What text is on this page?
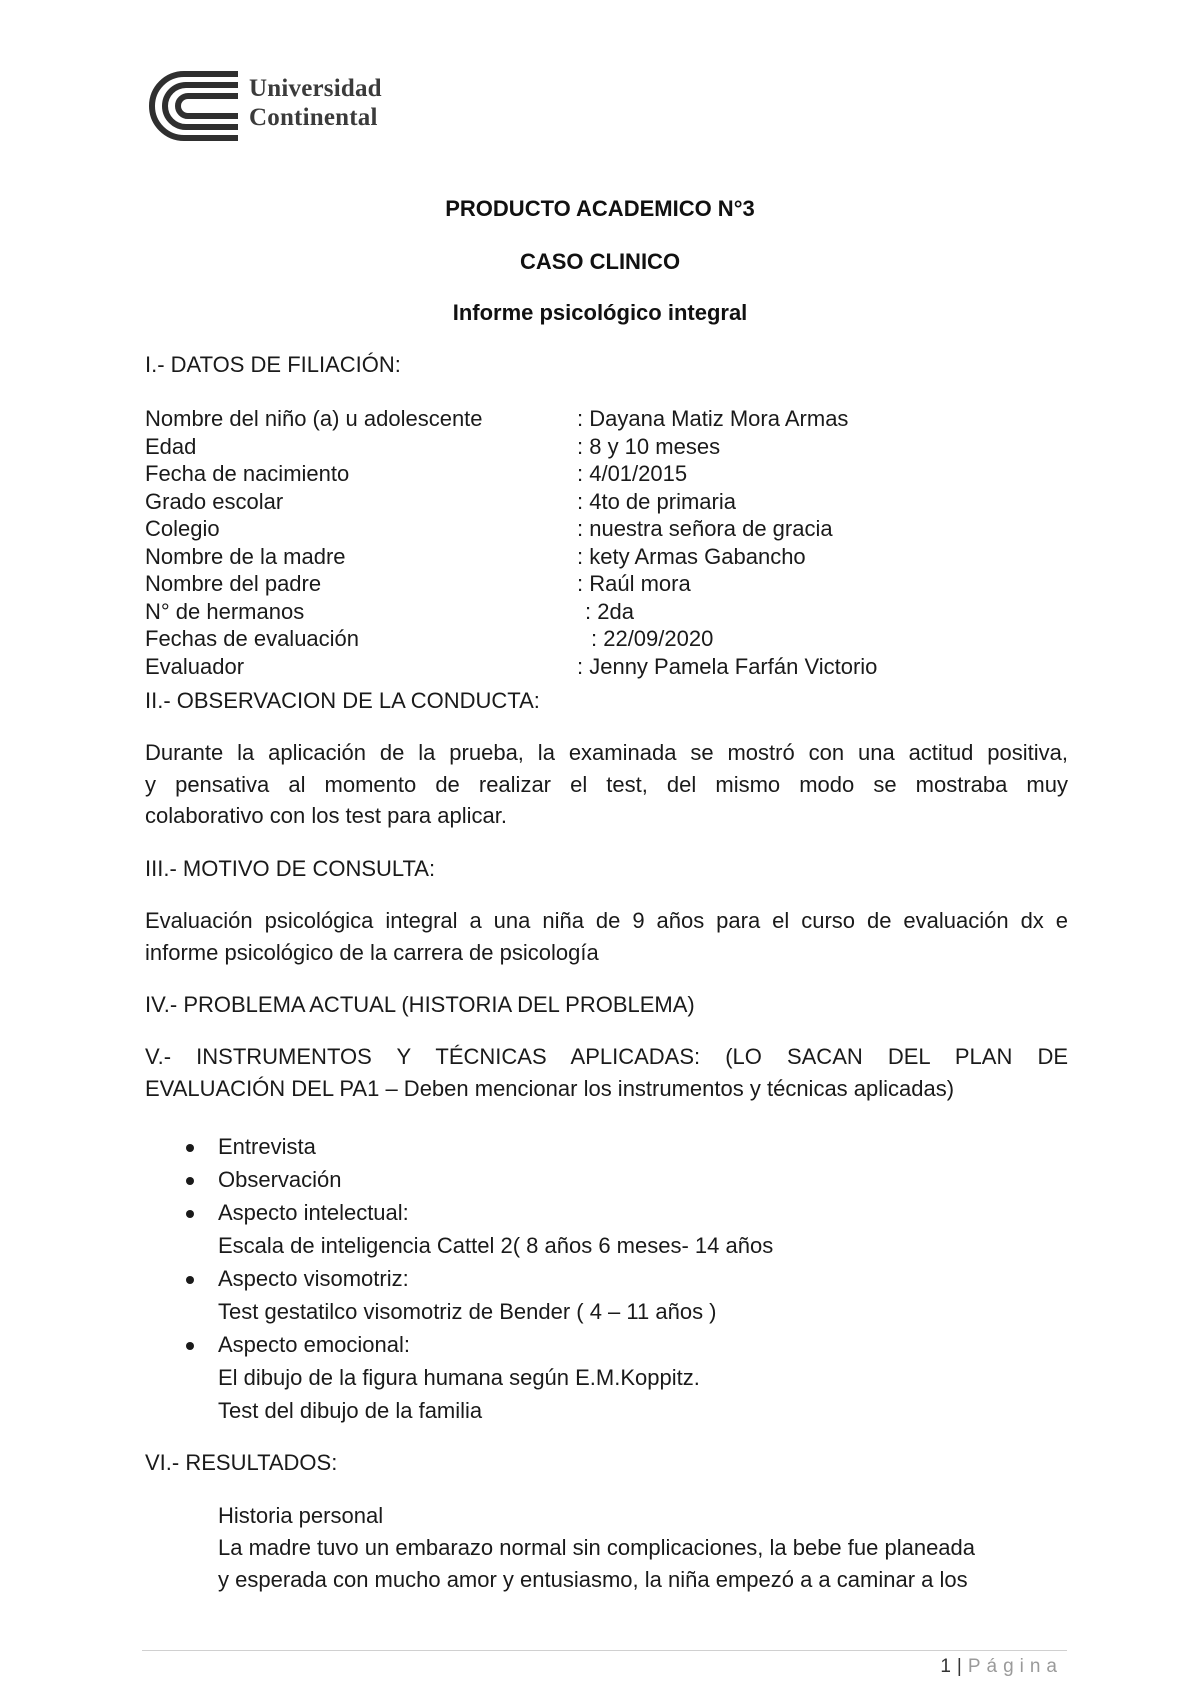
Universidad
Continental
PRODUCTO ACADEMICO N°3
CASO CLINICO
Informe psicológico integral
I.- DATOS DE FILIACIÓN:
Nombre del niño (a) u adolescente	: Dayana Matiz Mora Armas
Edad	: 8 y 10 meses
Fecha de nacimiento	: 4/01/2015
Grado escolar	: 4to de primaria
Colegio	: nuestra señora de gracia
Nombre de la madre	: kety Armas Gabancho
Nombre del padre	: Raúl mora
N° de hermanos	: 2da
Fechas de evaluación	: 22/09/2020
Evaluador	: Jenny Pamela Farfán Victorio
II.- OBSERVACION DE LA CONDUCTA:
Durante la aplicación de la prueba, la examinada se mostró con una actitud positiva,
y pensativa al momento de realizar el test, del mismo modo se mostraba muy
colaborativo con los test para aplicar.
III.- MOTIVO DE CONSULTA:
Evaluación psicológica integral a una niña de 9 años para el curso de evaluación dx e
informe psicológico de la carrera de psicología
IV.- PROBLEMA ACTUAL (HISTORIA DEL PROBLEMA)
V.- INSTRUMENTOS Y TÉCNICAS APLICADAS: (LO SACAN DEL PLAN DE
EVALUACIÓN DEL PA1 – Deben mencionar los instrumentos y técnicas aplicadas)
Entrevista
Observación
Aspecto intelectual:
Escala de inteligencia Cattel 2( 8 años 6 meses- 14 años
Aspecto visomotriz:
Test gestatilco visomotriz de Bender ( 4 – 11 años )
Aspecto emocional:
El dibujo de la figura humana según E.M.Koppitz.
Test del dibujo de la familia
VI.- RESULTADOS:
Historia personal
La madre tuvo un embarazo normal sin complicaciones, la bebe fue planeada
y esperada con mucho amor y entusiasmo, la niña empezó a a caminar a los
1 | Página
